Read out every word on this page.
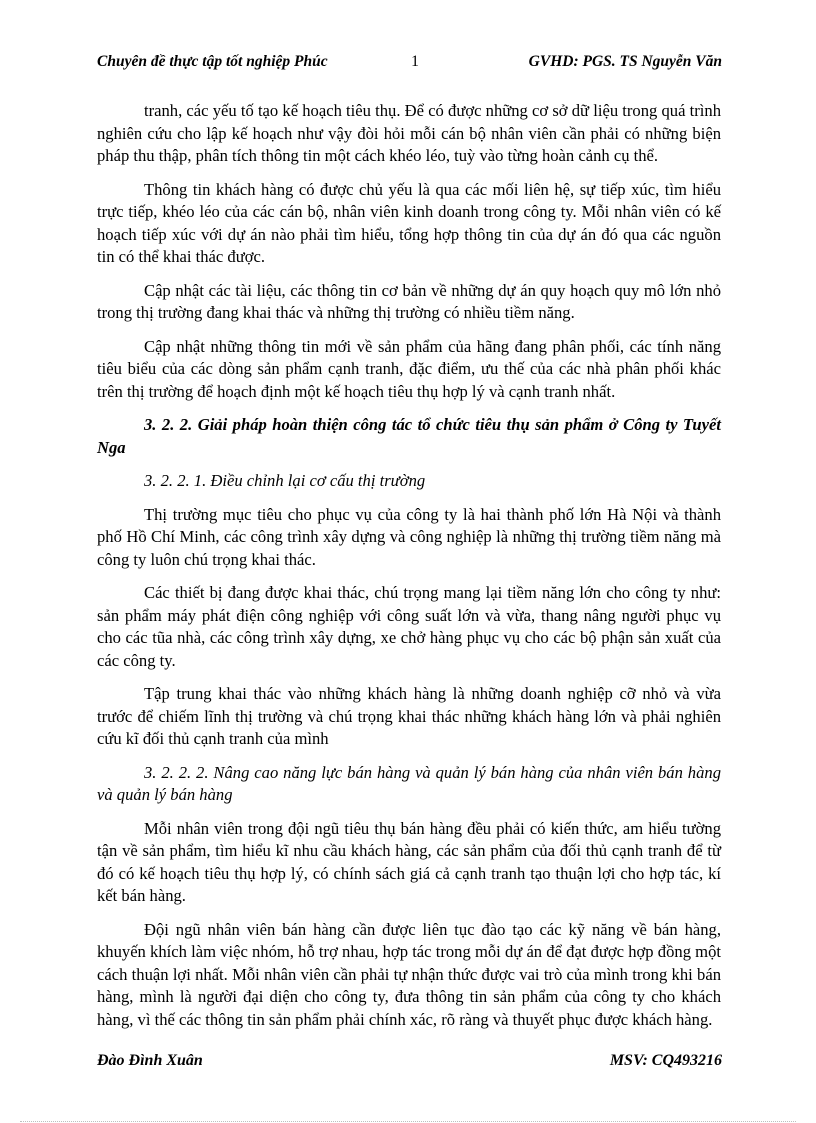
Chuyên đề thực tập tốt nghiệp Phúc	1	GVHD: PGS. TS Nguyễn Văn

tranh, các yếu tố tạo kế hoạch tiêu thụ. Để có được những cơ sở dữ liệu trong quá trình nghiên cứu cho lập kế hoạch như vậy đòi hỏi mỗi cán bộ nhân viên cần phải có những biện pháp thu thập, phân tích thông tin một cách khéo léo, tuỳ vào từng hoàn cảnh cụ thể.

Thông tin khách hàng có được chủ yếu là qua các mối liên hệ, sự tiếp xúc, tìm hiểu trực tiếp, khéo léo của các cán bộ, nhân viên kinh doanh trong công ty. Mỗi nhân viên có kế hoạch tiếp xúc với dự án nào phải tìm hiểu, tổng hợp thông tin của dự án đó qua các nguồn tin có thể khai thác được.

Cập nhật các tài liệu, các thông tin cơ bản về những dự án quy hoạch quy mô lớn nhỏ trong thị trường đang khai thác và những thị trường có nhiều tiềm năng.

Cập nhật những thông tin mới về sản phẩm của hãng đang phân phối, các tính năng tiêu biểu của các dòng sản phẩm cạnh tranh, đặc điểm, ưu thế của các nhà phân phối khác trên thị trường để hoạch định một kế hoạch tiêu thụ hợp lý và cạnh tranh nhất.

3. 2. 2. Giải pháp hoàn thiện công tác tổ chức tiêu thụ sản phẩm ở Công ty Tuyết Nga

3. 2. 2. 1. Điều chỉnh lại cơ cấu thị trường

Thị trường mục tiêu cho phục vụ của công ty là hai thành phố lớn Hà Nội và thành phố Hồ Chí Minh, các công trình xây dựng và công nghiệp là những thị trường tiềm năng mà công ty luôn chú trọng khai thác.

Các thiết bị đang được khai thác, chú trọng mang lại tiềm năng lớn cho công ty như: sản phẩm máy phát điện công nghiệp với công suất lớn và vừa, thang nâng người phục vụ cho các tũa nhà, các công trình xây dựng, xe chở hàng phục vụ cho các bộ phận sản xuất của các công ty.

Tập trung khai thác vào những khách hàng là những doanh nghiệp cỡ nhỏ và vừa trước để chiếm lĩnh thị trường và chú trọng khai thác những khách hàng lớn và phải nghiên cứu kĩ đối thủ cạnh tranh của mình

3. 2. 2. 2. Nâng cao năng lực bán hàng và quản lý bán hàng của nhân viên bán hàng và quản lý bán hàng

Mỗi nhân viên trong đội ngũ tiêu thụ bán hàng đều phải có kiến thức, am hiểu tường tận về sản phẩm, tìm hiểu kĩ nhu cầu khách hàng, các sản phẩm của đối thủ cạnh tranh để từ đó có kế hoạch tiêu thụ hợp lý, có chính sách giá cả cạnh tranh tạo thuận lợi cho hợp tác, kí kết bán hàng.

Đội ngũ nhân viên bán hàng cần được liên tục đào tạo các kỹ năng về bán hàng, khuyến khích làm việc nhóm, hỗ trợ nhau, hợp tác trong mỗi dự án để đạt được hợp đồng một cách thuận lợi nhất. Mỗi nhân viên cần phải tự nhận thức được vai trò của mình trong khi bán hàng, mình là người đại diện cho công ty, đưa thông tin sản phẩm của công ty cho khách hàng, vì thế các thông tin sản phẩm phải chính xác, rõ ràng và thuyết phục được khách hàng.

Đào Đình Xuân	MSV: CQ493216
